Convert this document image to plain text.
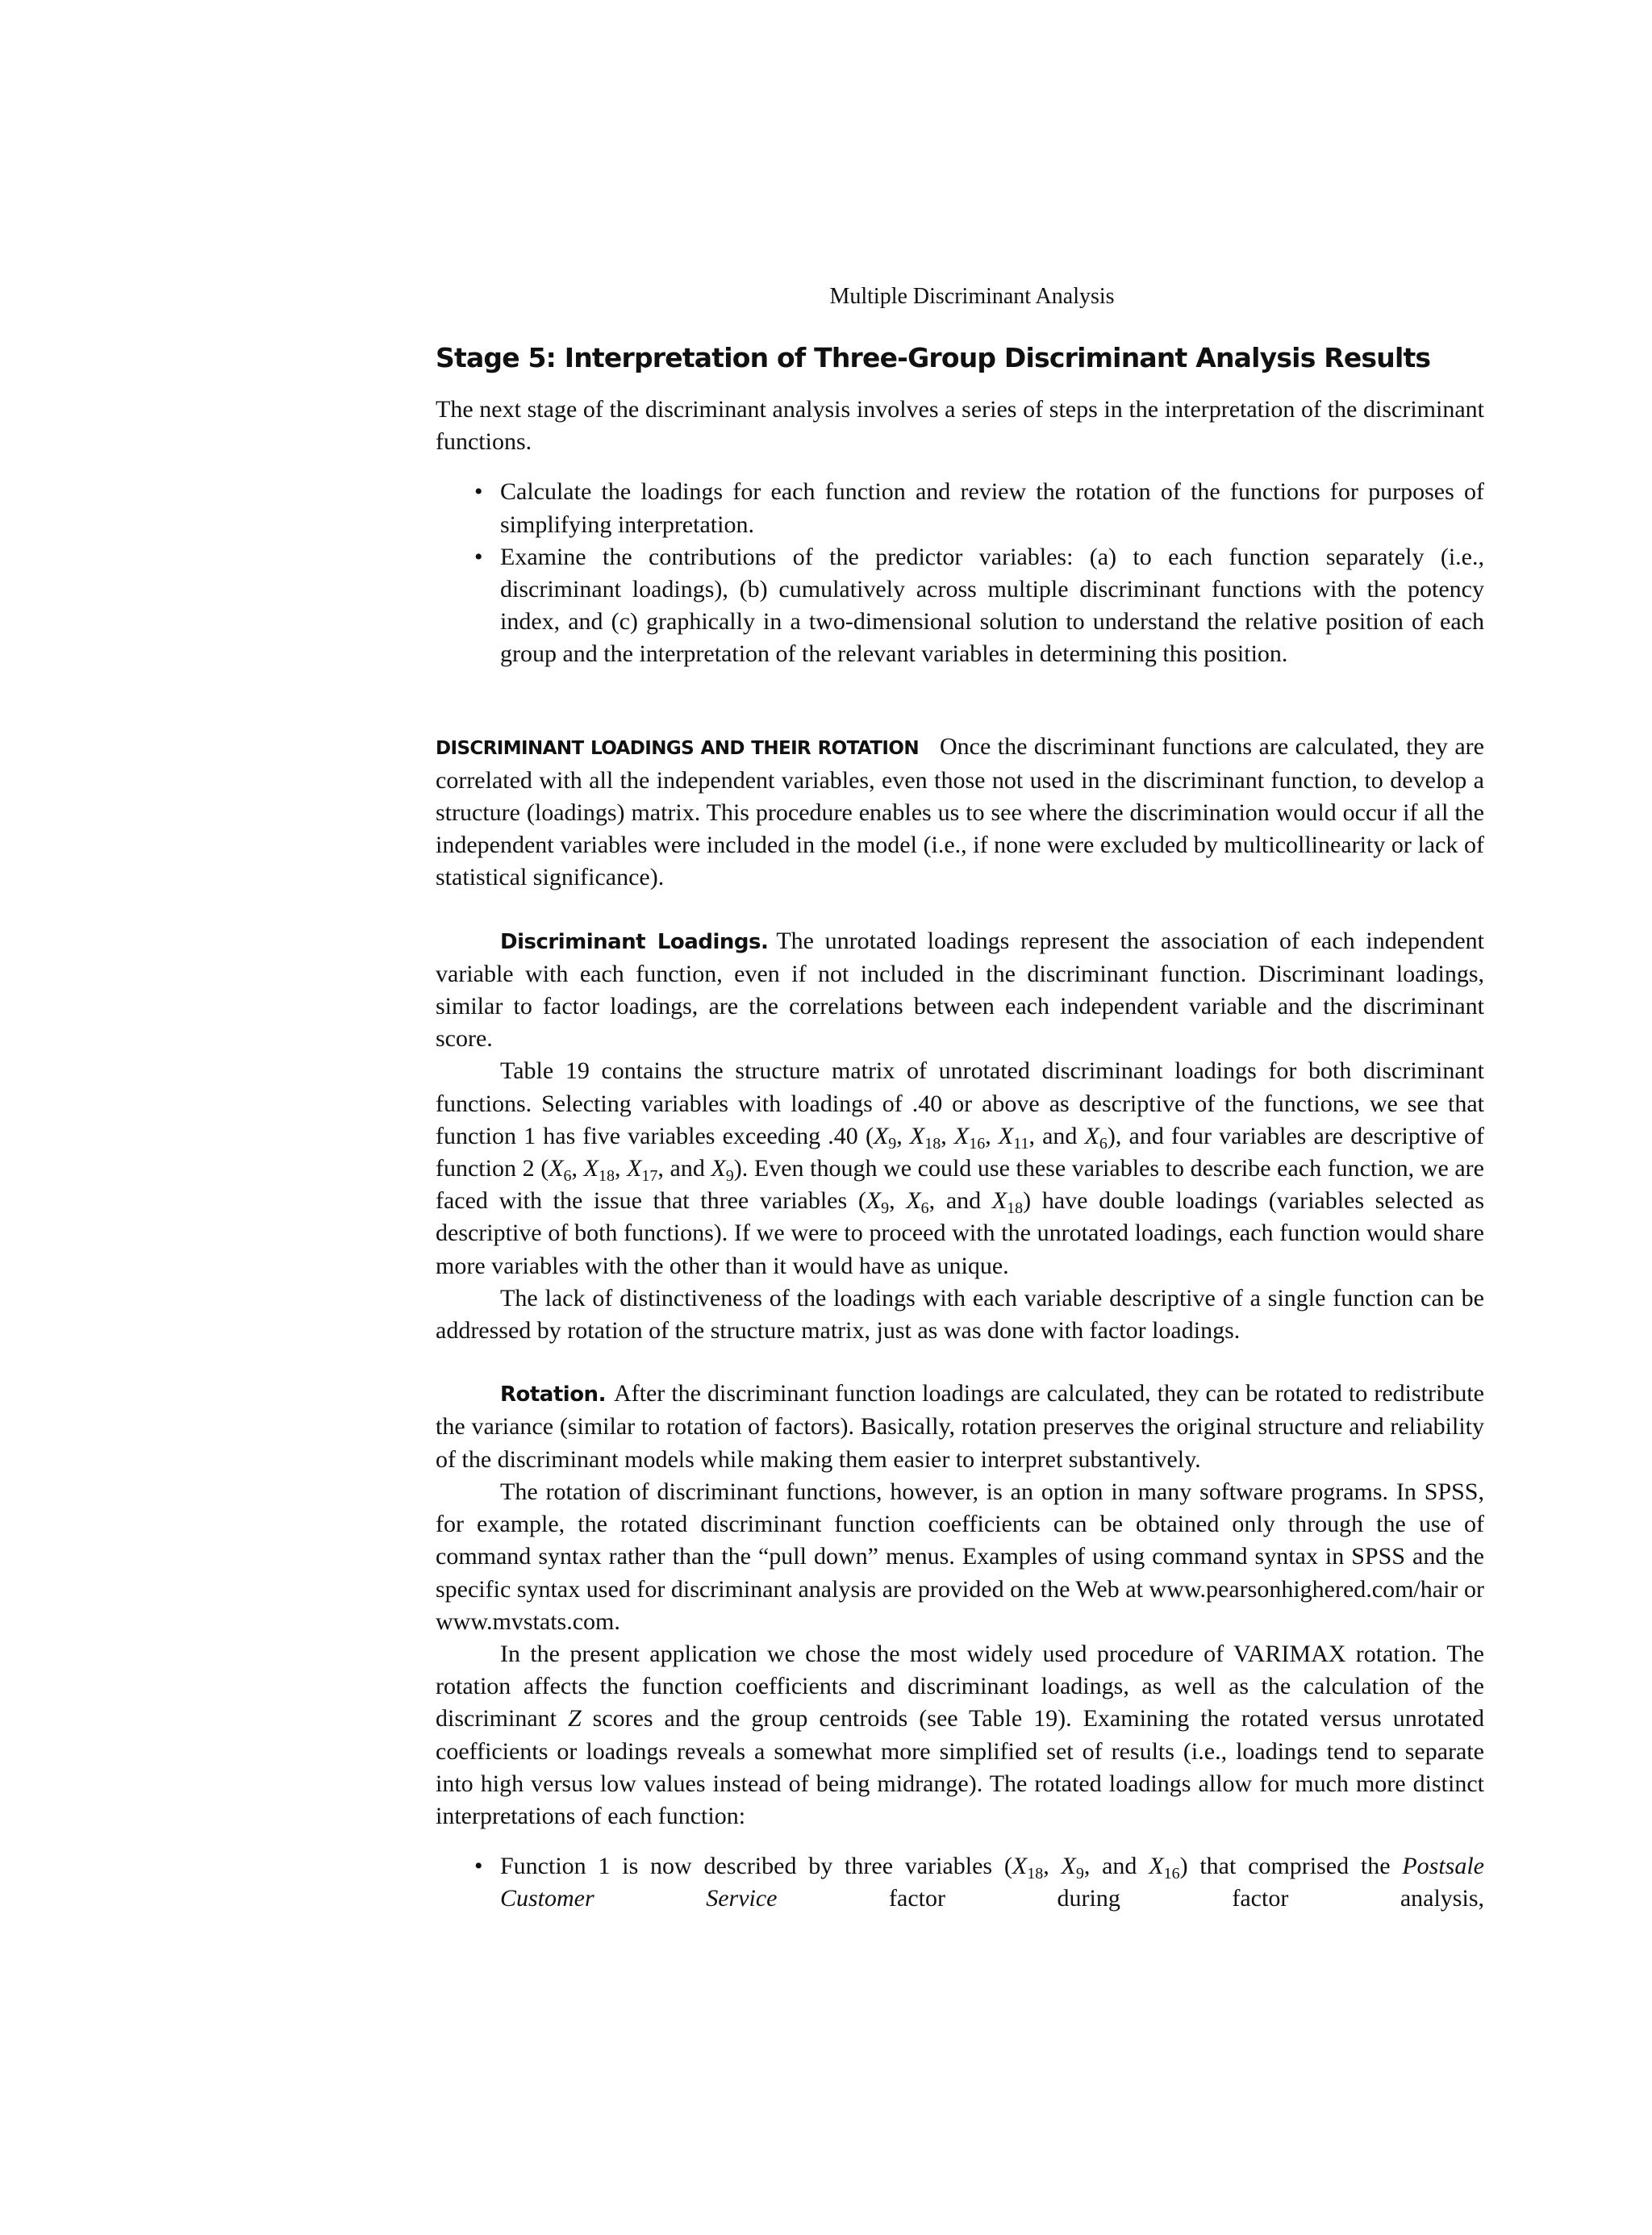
Multiple Discriminant Analysis
Stage 5: Interpretation of Three-Group Discriminant Analysis Results

The next stage of the discriminant analysis involves a series of steps in the interpretation of the discriminant functions.

• Calculate the loadings for each function and review the rotation of the functions for purposes of simplifying interpretation.
• Examine the contributions of the predictor variables: (a) to each function separately (i.e., discriminant loadings), (b) cumulatively across multiple discriminant functions with the potency index, and (c) graphically in a two-dimensional solution to understand the relative position of each group and the interpretation of the relevant variables in determining this position.

DISCRIMINANT LOADINGS AND THEIR ROTATION Once the discriminant functions are calculated, they are correlated with all the independent variables, even those not used in the discriminant function, to develop a structure (loadings) matrix. This procedure enables us to see where the discrimination would occur if all the independent variables were included in the model (i.e., if none were excluded by multicollinearity or lack of statistical significance).

Discriminant Loadings. The unrotated loadings represent the association of each independent variable with each function, even if not included in the discriminant function. Discriminant loadings, similar to factor loadings, are the correlations between each independent variable and the discriminant score.

Table 19 contains the structure matrix of unrotated discriminant loadings for both discriminant functions. Selecting variables with loadings of .40 or above as descriptive of the functions, we see that function 1 has five variables exceeding .40 ($X_9$, $X_{18}$, $X_{16}$, $X_{11}$, and $X_6$), and four variables are descriptive of function 2 ($X_6$, $X_{18}$, $X_{17}$, and $X_9$). Even though we could use these variables to describe each function, we are faced with the issue that three variables ($X_9$, $X_6$, and $X_{18}$) have double loadings (variables selected as descriptive of both functions). If we were to proceed with the unrotated loadings, each function would share more variables with the other than it would have as unique.

The lack of distinctiveness of the loadings with each variable descriptive of a single function can be addressed by rotation of the structure matrix, just as was done with factor loadings.

Rotation. After the discriminant function loadings are calculated, they can be rotated to redistribute the variance (similar to rotation of factors). Basically, rotation preserves the original structure and reliability of the discriminant models while making them easier to interpret substantively.

The rotation of discriminant functions, however, is an option in many software programs. In SPSS, for example, the rotated discriminant function coefficients can be obtained only through the use of command syntax rather than the “pull down” menus. Examples of using command syntax in SPSS and the specific syntax used for discriminant analysis are provided on the Web at www.pearsonhighered.com/hair or www.mvstats.com.

In the present application we chose the most widely used procedure of VARIMAX rotation. The rotation affects the function coefficients and discriminant loadings, as well as the calculation of the discriminant Z scores and the group centroids (see Table 19). Examining the rotated versus unrotated coefficients or loadings reveals a somewhat more simplified set of results (i.e., loadings tend to separate into high versus low values instead of being midrange). The rotated loadings allow for much more distinct interpretations of each function:

• Function 1 is now described by three variables ($X_{18}$, $X_9$, and $X_{16}$) that comprised the Postsale Customer Service factor during factor analysis,
